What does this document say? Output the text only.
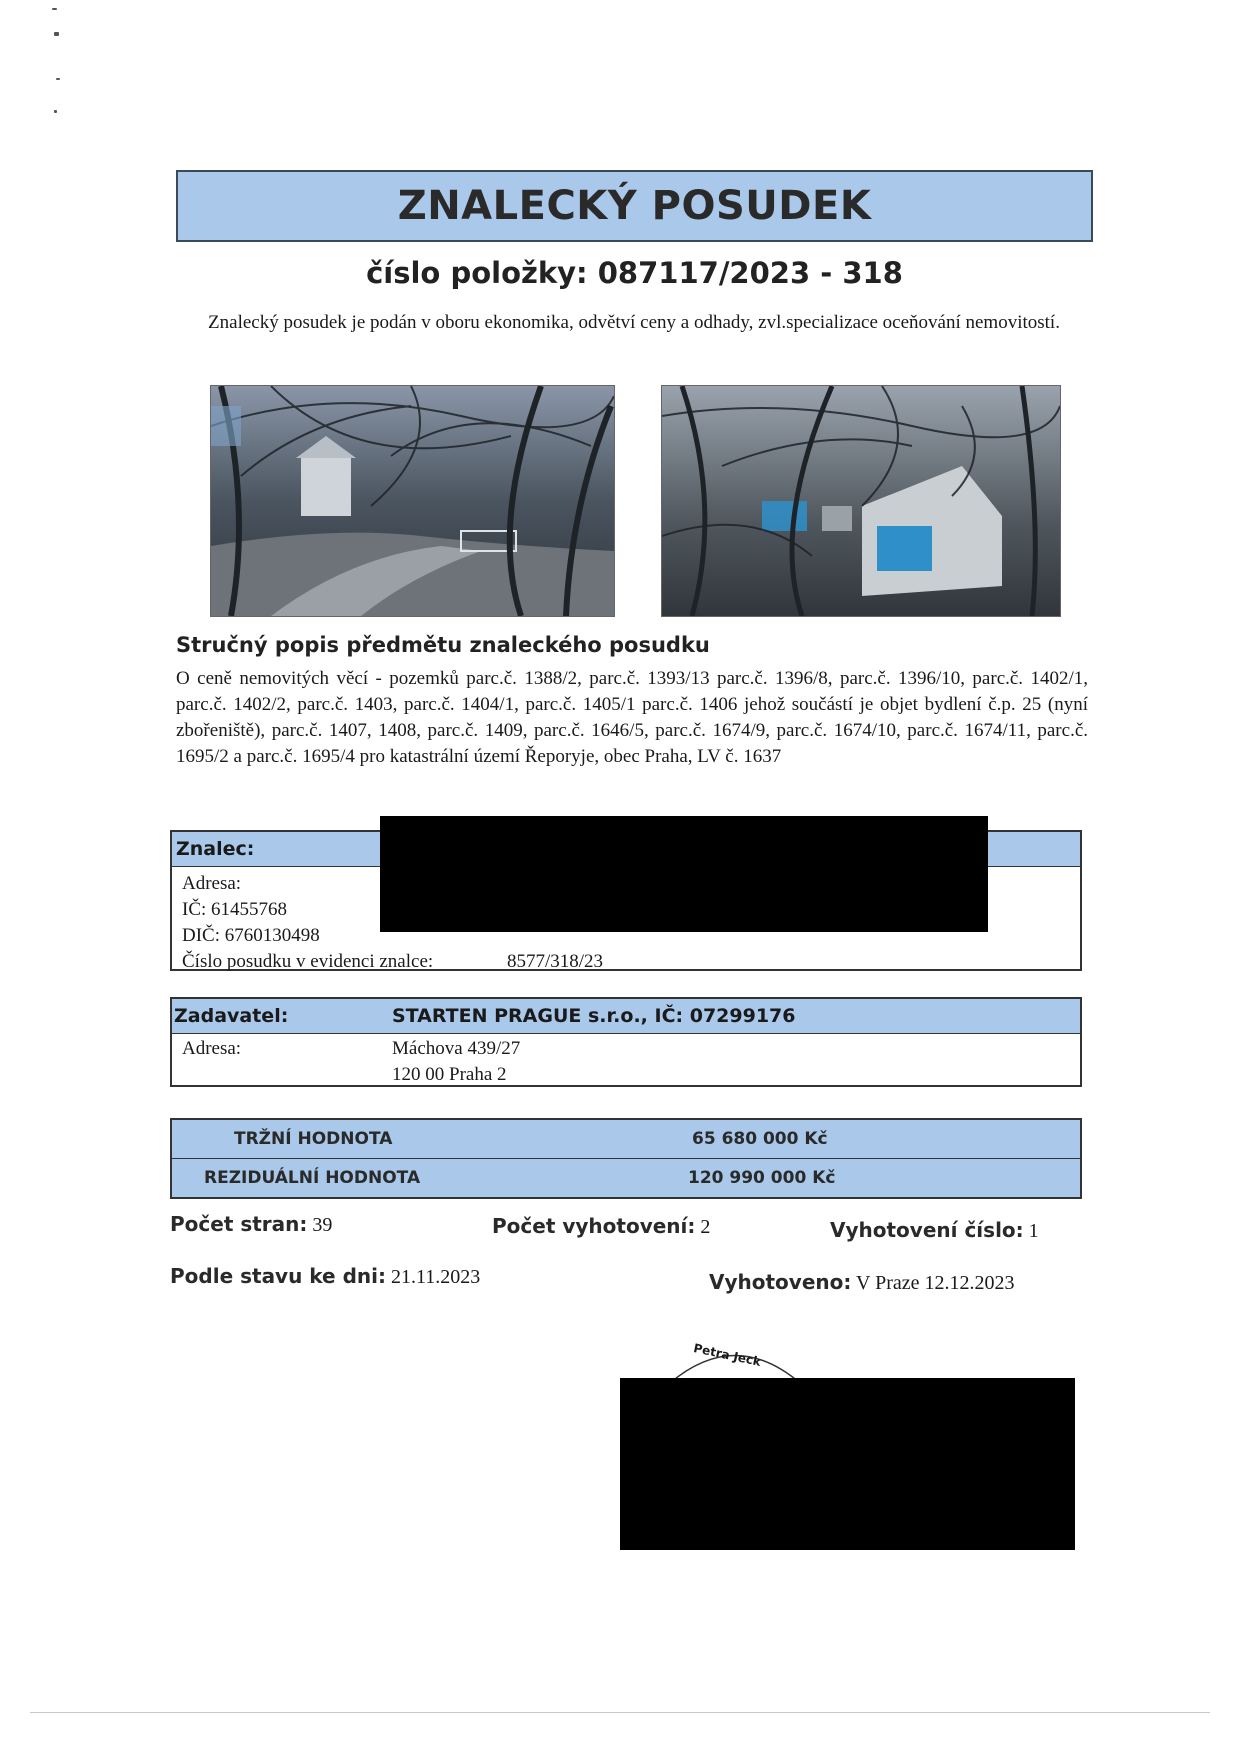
ZNALECKÝ POSUDEK
číslo položky: 087117/2023 - 318
Znalecký posudek je podán v oboru ekonomika, odvětví ceny a odhady, zvl.specializace oceňování nemovitostí.
Stručný popis předmětu znaleckého posudku
O ceně nemovitých věcí - pozemků parc.č. 1388/2, parc.č. 1393/13 parc.č. 1396/8, parc.č. 1396/10, parc.č. 1402/1, parc.č. 1402/2, parc.č. 1403, parc.č. 1404/1, parc.č. 1405/1 parc.č. 1406 jehož součástí je objet bydlení č.p. 25 (nyní zbořeniště), parc.č. 1407, 1408, parc.č. 1409, parc.č. 1646/5, parc.č. 1674/9, parc.č. 1674/10, parc.č. 1674/11, parc.č. 1695/2 a parc.č. 1695/4 pro katastrální území Řeporyje, obec Praha, LV č. 1637
Znalec:
Adresa:
IČ: 61455768
DIČ: 6760130498
Číslo posudku v evidenci znalce:	8577/318/23
Zadavatel:	STARTEN PRAGUE s.r.o., IČ: 07299176
Adresa:	Máchova 439/27
120 00 Praha 2
TRŽNÍ HODNOTA	65 680 000 Kč
REZIDUÁLNÍ HODNOTA	120 990 000 Kč
Počet stran: 39	Počet vyhotovení: 2	Vyhotovení číslo: 1
Podle stavu ke dni: 21.11.2023	Vyhotoveno: V Praze 12.12.2023
Petra Jeck
